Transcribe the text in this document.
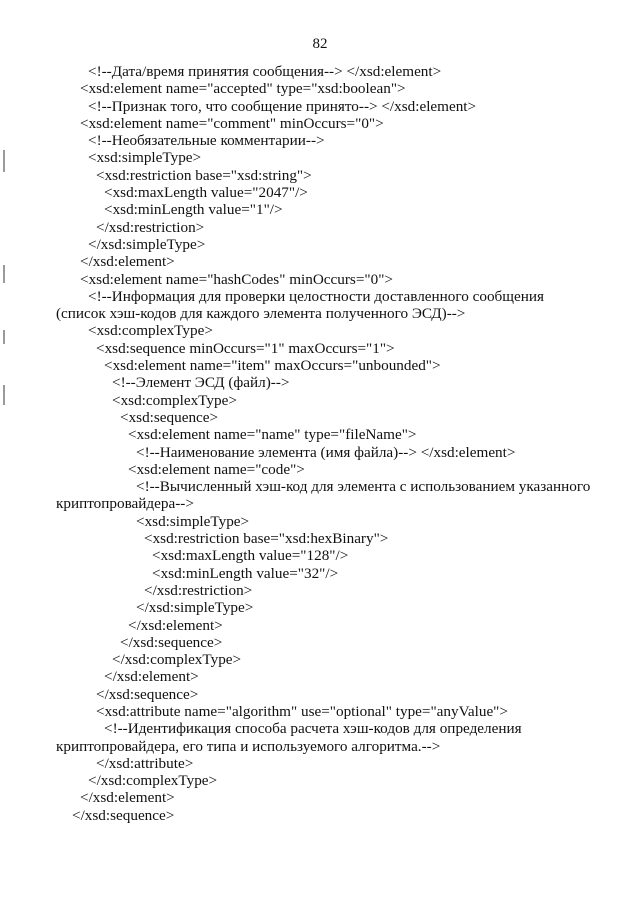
82
<!--Дата/время принятия сообщения--> </xsd:element>
<xsd:element name="accepted" type="xsd:boolean">
<!--Признак того, что сообщение принято--> </xsd:element>
<xsd:element name="comment" minOccurs="0">
<!--Необязательные комментарии-->
<xsd:simpleType>
<xsd:restriction base="xsd:string">
<xsd:maxLength value="2047"/>
<xsd:minLength value="1"/>
</xsd:restriction>
</xsd:simpleType>
</xsd:element>
<xsd:element name="hashCodes" minOccurs="0">
<!--Информация для проверки целостности доставленного сообщения
(список хэш-кодов для каждого элемента полученного ЭСД)-->
<xsd:complexType>
<xsd:sequence minOccurs="1" maxOccurs="1">
<xsd:element name="item" maxOccurs="unbounded">
<!--Элемент ЭСД (файл)-->
<xsd:complexType>
<xsd:sequence>
<xsd:element name="name" type="fileName">
<!--Наименование элемента (имя файла)--> </xsd:element>
<xsd:element name="code">
<!--Вычисленный хэш-код для элемента с использованием указанного
криптопровайдера-->
<xsd:simpleType>
<xsd:restriction base="xsd:hexBinary">
<xsd:maxLength value="128"/>
<xsd:minLength value="32"/>
</xsd:restriction>
</xsd:simpleType>
</xsd:element>
</xsd:sequence>
</xsd:complexType>
</xsd:element>
</xsd:sequence>
<xsd:attribute name="algorithm" use="optional" type="anyValue">
<!--Идентификация способа расчета хэш-кодов для определения
криптопровайдера, его типа и используемого алгоритма.-->
</xsd:attribute>
</xsd:complexType>
</xsd:element>
</xsd:sequence>
